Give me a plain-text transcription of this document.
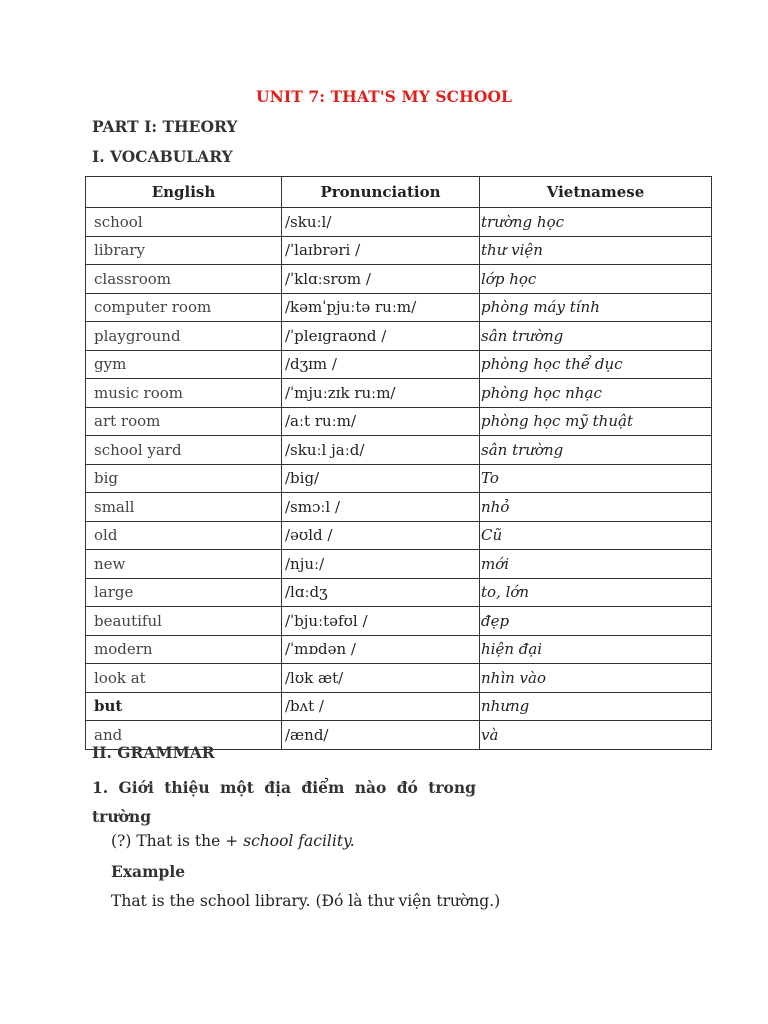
UNIT 7: THAT'S MY SCHOOL
PART I: THEORY
I. VOCABULARY
English	Pronunciation	Vietnamese
school	/skuːl/	trường học
library	/ˈlaɪbrəri /	thư viện
classroom	/ˈklɑːsrʊm /	lớp học
computer room	/kəmˈpjuːtə ruːm/	phòng máy tính
playground	/ˈpleɪɡraʊnd /	sân trường
gym	/dʒɪm /	phòng học thể dục
music room	/ˈmjuːzɪk ruːm/	phòng học nhạc
art room	/aːt ruːm/	phòng học mỹ thuật
school yard	/skuːl jaːd/	sân trường
big	/big/	To
small	/smɔːl /	nhỏ
old	/əʊld /	Cũ
new	/njuː/	mới
large	/lɑːdʒ	to, lớn
beautiful	/ˈbjuːtəfʊl /	đẹp
modern	/ˈmɒdən /	hiện đại
look at	/lʊk æt/	nhìn vào
but	/bʌt /	nhưng
and	/ænd/	và
II. GRAMMAR
1. Giới thiệu một địa điểm nào đó trong
trường
(?) That is the + school facility.
Example
That is the school library. (Đó là thư viện trường.)
